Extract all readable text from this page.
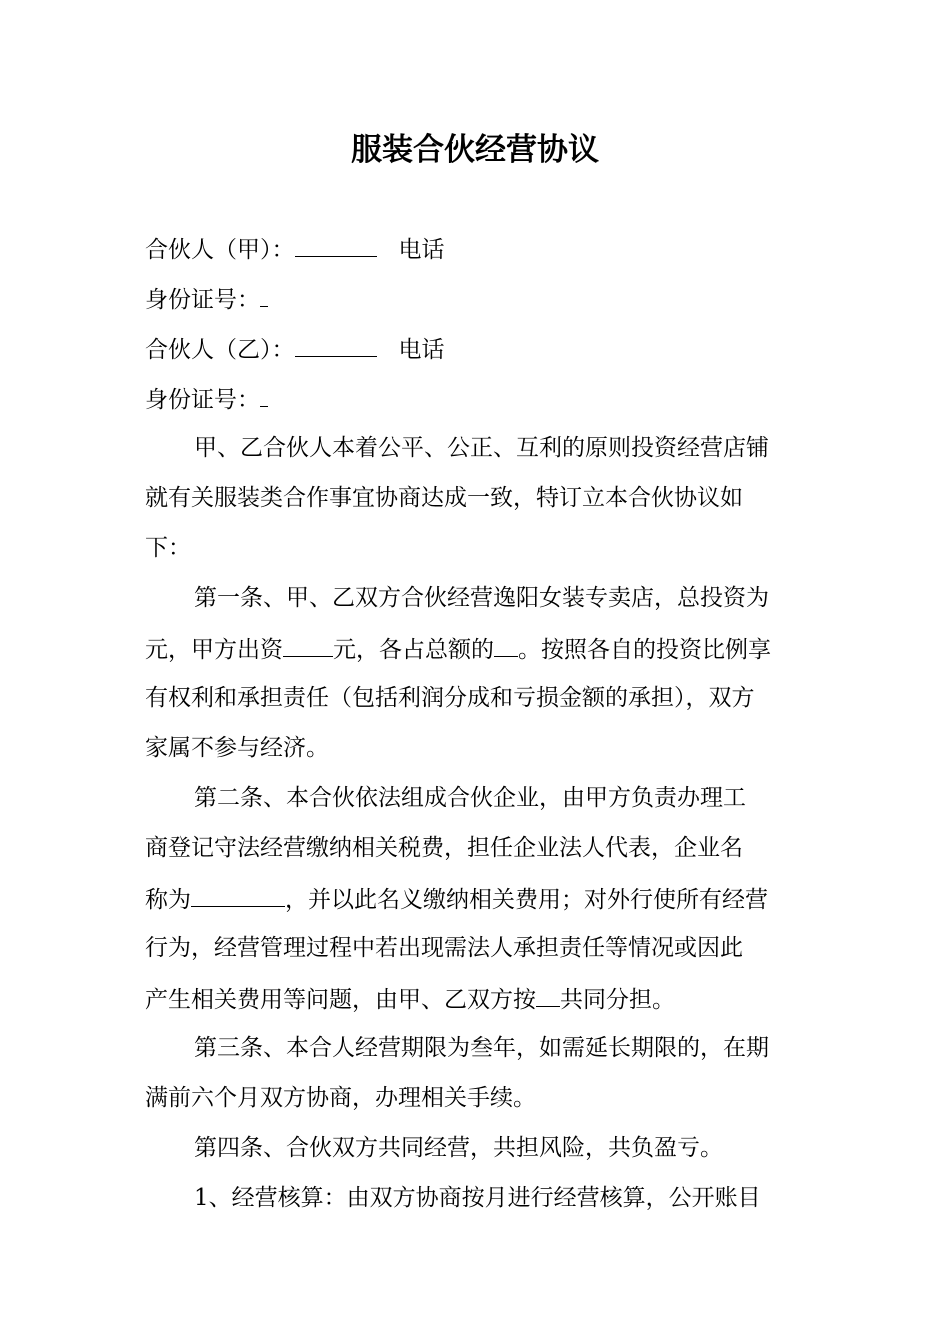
服装合伙经营协议
合伙人（甲）：	电话
身份证号：
合伙人（乙）：	电话
身份证号：
甲、乙合伙人本着公平、公正、互利的原则投资经营店铺
就有关服装类合作事宜协商达成一致，特订立本合伙协议如
下：
第一条、甲、乙双方合伙经营逸阳女装专卖店，总投资为
元，甲方出资 元，各占总额的 。按照各自的投资比例享
有权利和承担责任（包括利润分成和亏损金额的承担），双方
家属不参与经济。
第二条、本合伙依法组成合伙企业，由甲方负责办理工
商登记守法经营缴纳相关税费，担任企业法人代表，企业名
称为	，并以此名义缴纳相关费用；对外行使所有经营
行为，经营管理过程中若出现需法人承担责任等情况或因此
产生相关费用等问题，由甲、乙双方按 共同分担。
第三条、本合人经营期限为叁年，如需延长期限的，在期
满前六个月双方协商，办理相关手续。
第四条、合伙双方共同经营，共担风险，共负盈亏。
1、经营核算：由双方协商按月进行经营核算，公开账目
